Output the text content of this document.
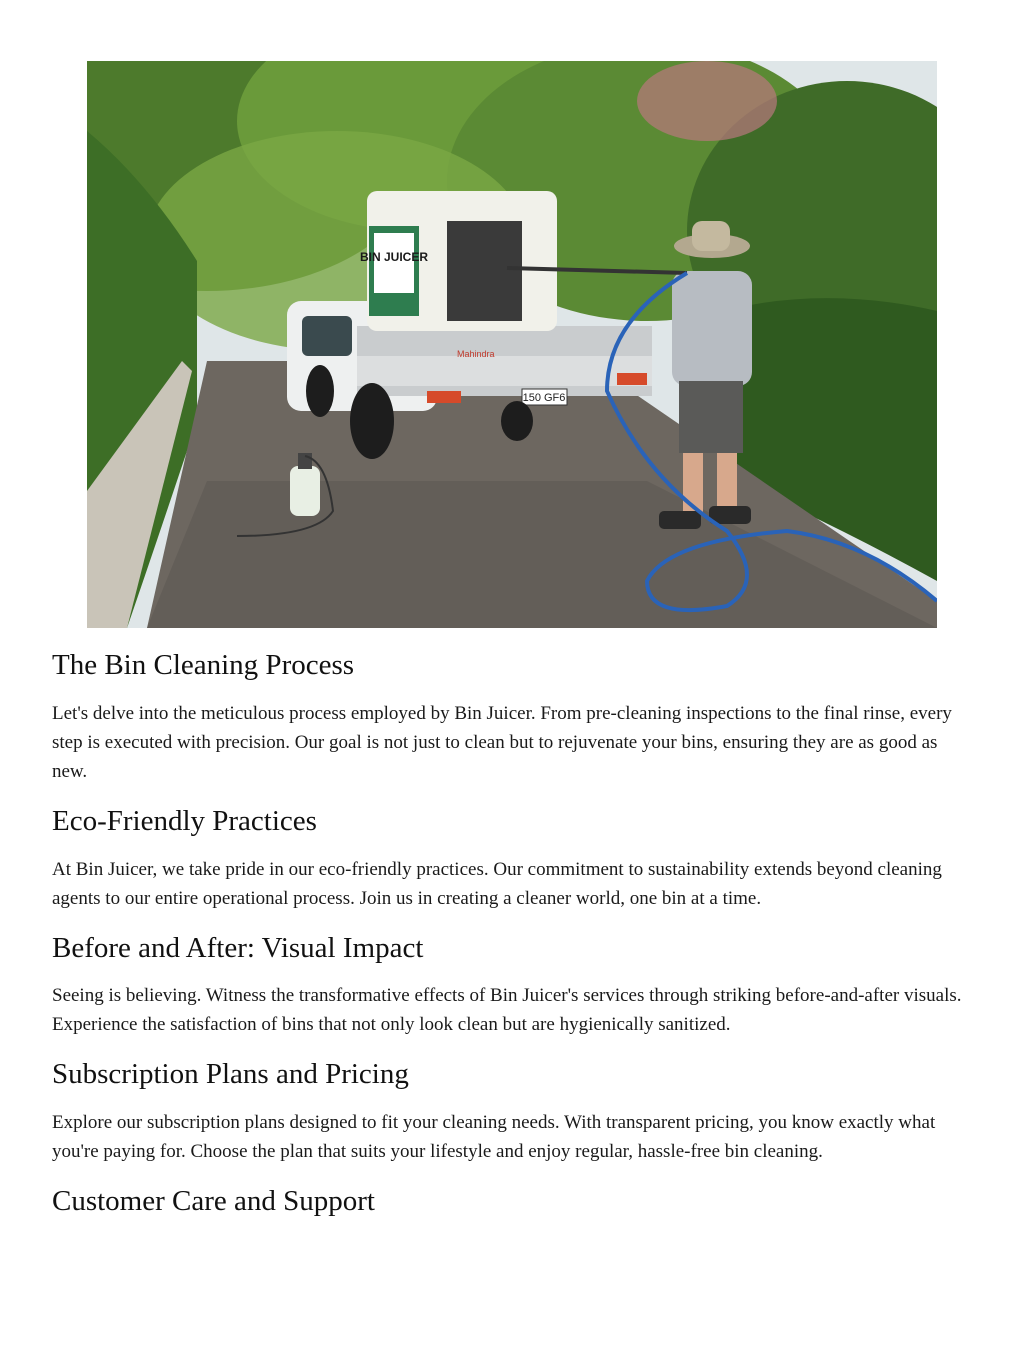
BIN JUICER
150 GF6
Mahindra
The Bin Cleaning Process

Let's delve into the meticulous process employed by Bin Juicer. From pre-cleaning inspections to the final rinse, every step is executed with precision. Our goal is not just to clean but to rejuvenate your bins, ensuring they are as good as new.

Eco-Friendly Practices

At Bin Juicer, we take pride in our eco-friendly practices. Our commitment to sustainability extends beyond cleaning agents to our entire operational process. Join us in creating a cleaner world, one bin at a time.

Before and After: Visual Impact

Seeing is believing. Witness the transformative effects of Bin Juicer's services through striking before-and-after visuals. Experience the satisfaction of bins that not only look clean but are hygienically sanitized.

Subscription Plans and Pricing

Explore our subscription plans designed to fit your cleaning needs. With transparent pricing, you know exactly what you're paying for. Choose the plan that suits your lifestyle and enjoy regular, hassle-free bin cleaning.

Customer Care and Support
